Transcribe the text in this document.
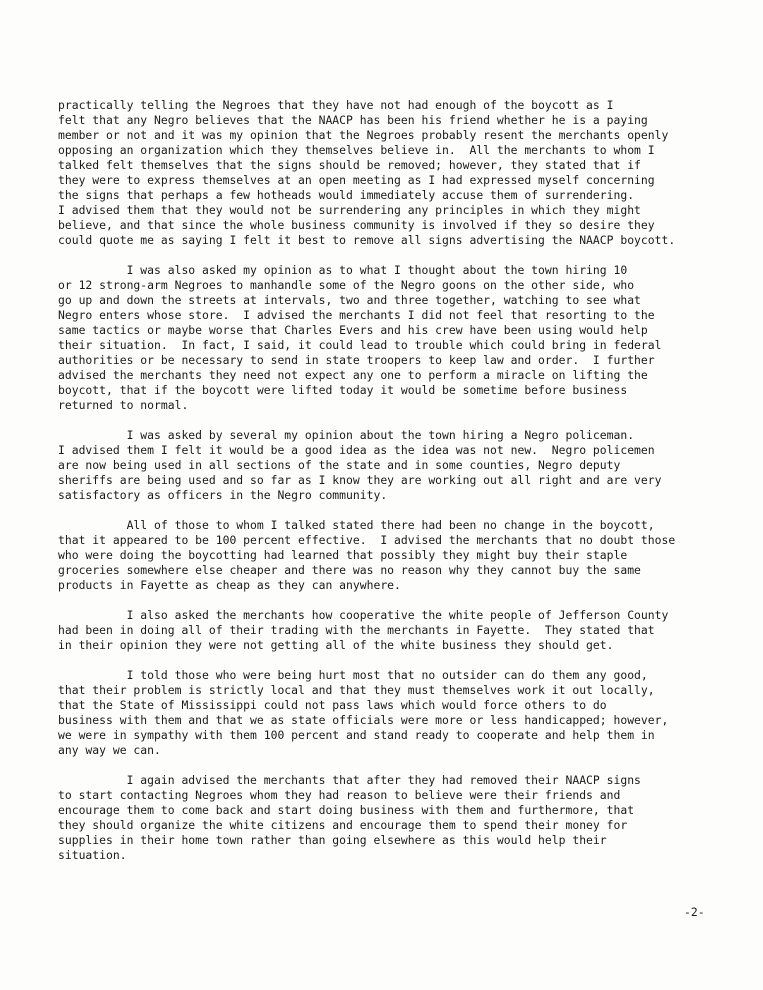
practically telling the Negroes that they have not had enough of the boycott as I
felt that any Negro believes that the NAACP has been his friend whether he is a paying
member or not and it was my opinion that the Negroes probably resent the merchants openly
opposing an organization which they themselves believe in.  All the merchants to whom I
talked felt themselves that the signs should be removed; however, they stated that if
they were to express themselves at an open meeting as I had expressed myself concerning
the signs that perhaps a few hotheads would immediately accuse them of surrendering.
I advised them that they would not be surrendering any principles in which they might
believe, and that since the whole business community is involved if they so desire they
could quote me as saying I felt it best to remove all signs advertising the NAACP boycott.
I was also asked my opinion as to what I thought about the town hiring 10
or 12 strong-arm Negroes to manhandle some of the Negro goons on the other side, who
go up and down the streets at intervals, two and three together, watching to see what
Negro enters whose store.  I advised the merchants I did not feel that resorting to the
same tactics or maybe worse that Charles Evers and his crew have been using would help
their situation.  In fact, I said, it could lead to trouble which could bring in federal
authorities or be necessary to send in state troopers to keep law and order.  I further
advised the merchants they need not expect any one to perform a miracle on lifting the
boycott, that if the boycott were lifted today it would be sometime before business
returned to normal.
I was asked by several my opinion about the town hiring a Negro policeman.
I advised them I felt it would be a good idea as the idea was not new.  Negro policemen
are now being used in all sections of the state and in some counties, Negro deputy
sheriffs are being used and so far as I know they are working out all right and are very
satisfactory as officers in the Negro community.
All of those to whom I talked stated there had been no change in the boycott,
that it appeared to be 100 percent effective.  I advised the merchants that no doubt those
who were doing the boycotting had learned that possibly they might buy their staple
groceries somewhere else cheaper and there was no reason why they cannot buy the same
products in Fayette as cheap as they can anywhere.
I also asked the merchants how cooperative the white people of Jefferson County
had been in doing all of their trading with the merchants in Fayette.  They stated that
in their opinion they were not getting all of the white business they should get.
I told those who were being hurt most that no outsider can do them any good,
that their problem is strictly local and that they must themselves work it out locally,
that the State of Mississippi could not pass laws which would force others to do
business with them and that we as state officials were more or less handicapped; however,
we were in sympathy with them 100 percent and stand ready to cooperate and help them in
any way we can.
I again advised the merchants that after they had removed their NAACP signs
to start contacting Negroes whom they had reason to believe were their friends and
encourage them to come back and start doing business with them and furthermore, that
they should organize the white citizens and encourage them to spend their money for
supplies in their home town rather than going elsewhere as this would help their
situation.
-2-
